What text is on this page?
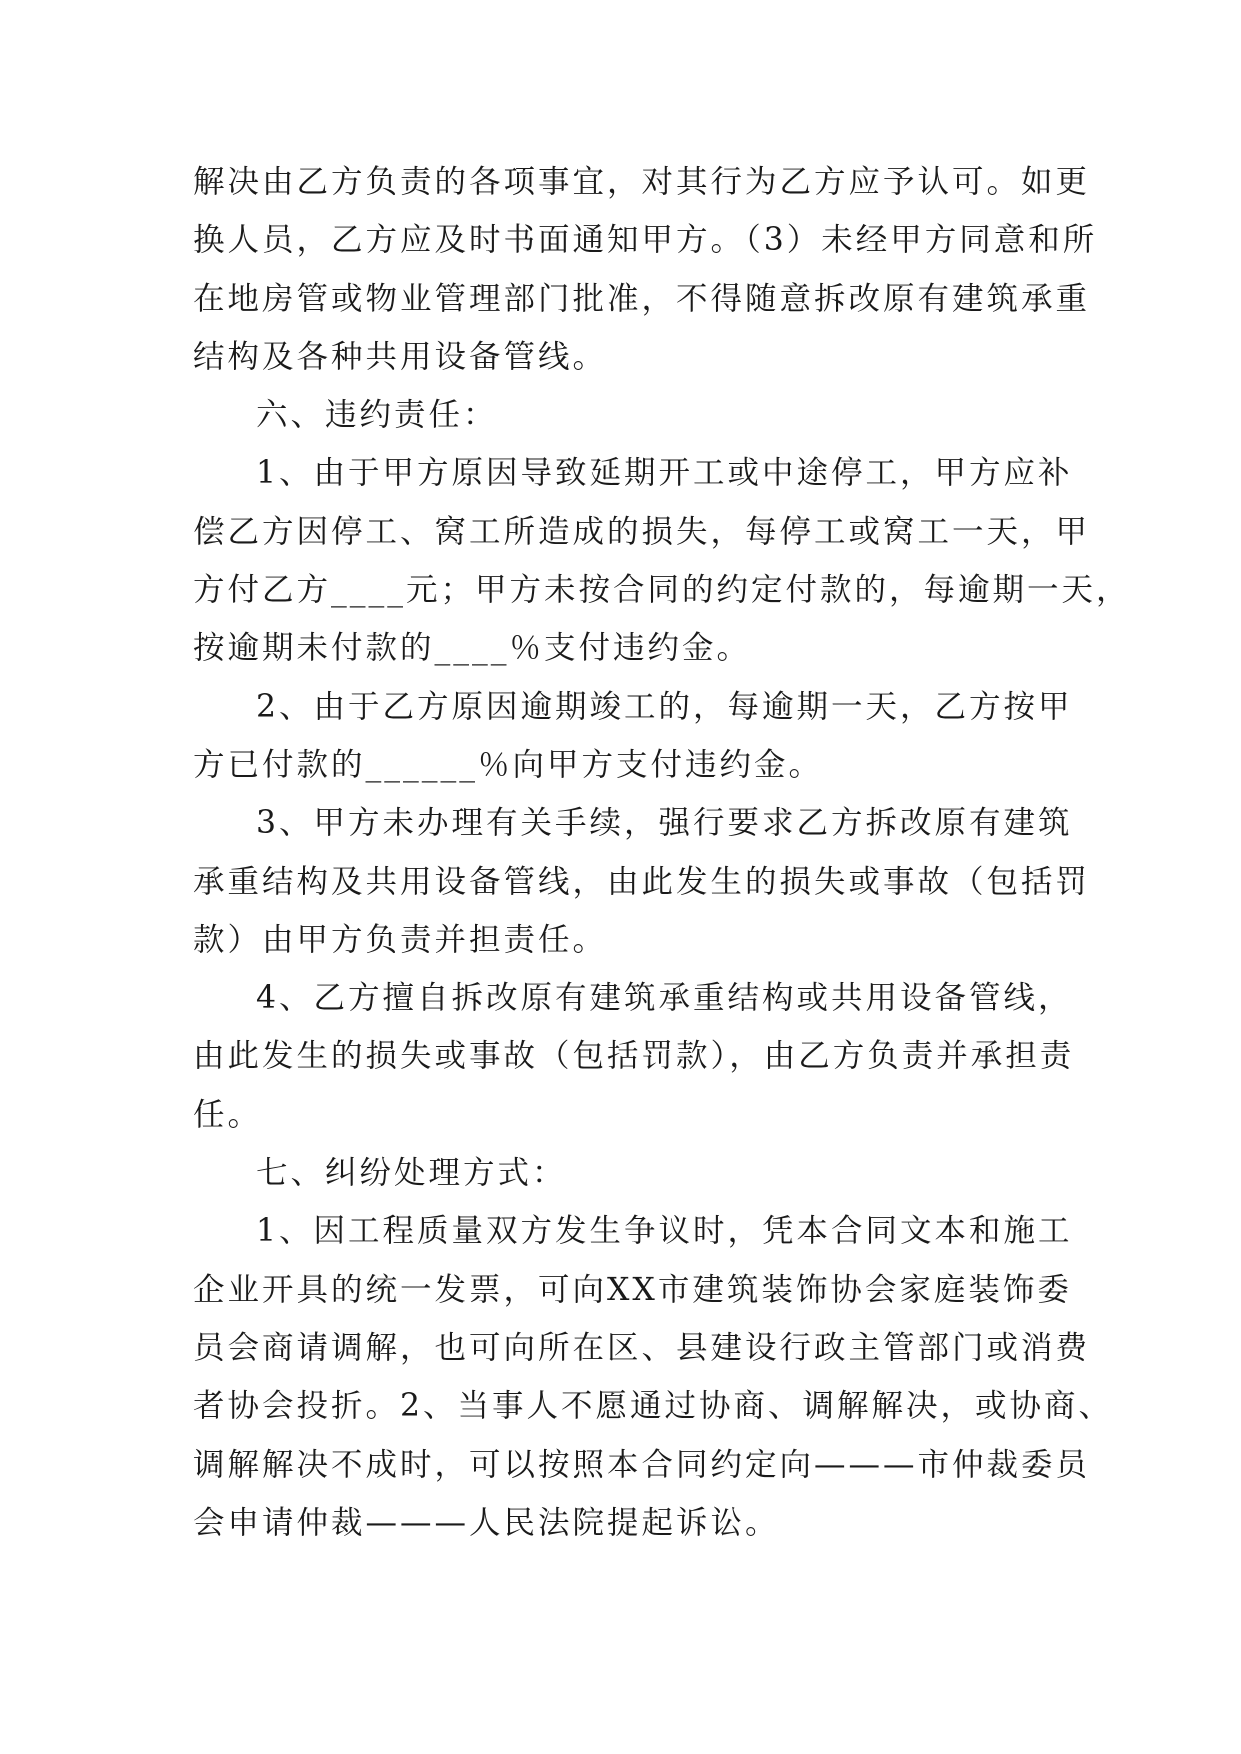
解决由乙方负责的各项事宜，对其行为乙方应予认可。如更
换人员，乙方应及时书面通知甲方。（3）未经甲方同意和所
在地房管或物业管理部门批准，不得随意拆改原有建筑承重
结构及各种共用设备管线。
六、违约责任：
1、由于甲方原因导致延期开工或中途停工，甲方应补
偿乙方因停工、窝工所造成的损失，每停工或窝工一天，甲
方付乙方____元；甲方未按合同的约定付款的，每逾期一天，
按逾期未付款的____％支付违约金。
2、由于乙方原因逾期竣工的，每逾期一天，乙方按甲
方已付款的______％向甲方支付违约金。
3、甲方未办理有关手续，强行要求乙方拆改原有建筑
承重结构及共用设备管线，由此发生的损失或事故（包括罚
款）由甲方负责并担责任。
4、乙方擅自拆改原有建筑承重结构或共用设备管线，
由此发生的损失或事故（包括罚款），由乙方负责并承担责
任。
七、纠纷处理方式：
1、因工程质量双方发生争议时，凭本合同文本和施工
企业开具的统一发票，可向XX市建筑装饰协会家庭装饰委
员会商请调解，也可向所在区、县建设行政主管部门或消费
者协会投折。2、当事人不愿通过协商、调解解决，或协商、
调解解决不成时，可以按照本合同约定向———市仲裁委员
会申请仲裁———人民法院提起诉讼。
